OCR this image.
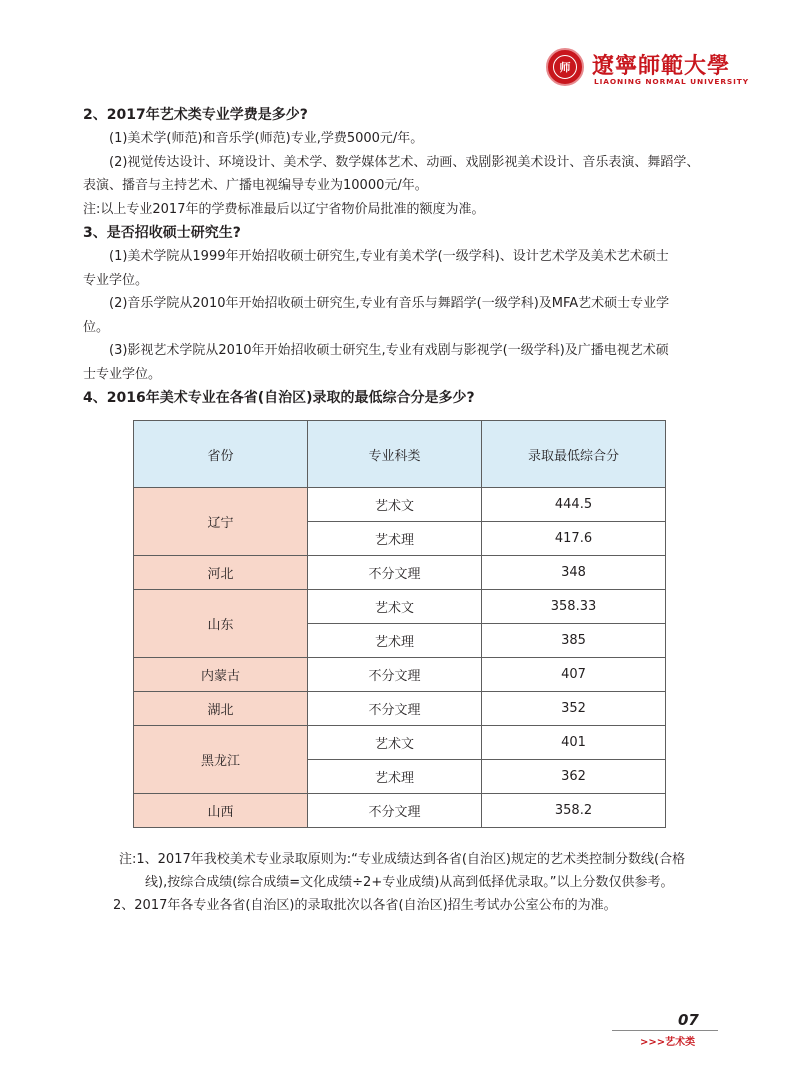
师 遼寧師範大學
LIAONING NORMAL UNIVERSITY

2、2017年艺术类专业学费是多少?

(1)美术学(师范)和音乐学(师范)专业,学费5000元/年。

(2)视觉传达设计、环境设计、美术学、数学媒体艺术、动画、戏剧影视美术设计、音乐表演、舞蹈学、

表演、播音与主持艺术、广播电视编导专业为10000元/年。

注:以上专业2017年的学费标准最后以辽宁省物价局批准的额度为准。

3、是否招收硕士研究生?

(1)美术学院从1999年开始招收硕士研究生,专业有美术学(一级学科)、设计艺术学及美术艺术硕士

专业学位。

(2)音乐学院从2010年开始招收硕士研究生,专业有音乐与舞蹈学(一级学科)及MFA艺术硕士专业学

位。

(3)影视艺术学院从2010年开始招收硕士研究生,专业有戏剧与影视学(一级学科)及广播电视艺术硕

士专业学位。

4、2016年美术专业在各省(自治区)录取的最低综合分是多少?

省份	专业科类	录取最低综合分
辽宁	艺术文	444.5
	艺术理	417.6
河北	不分文理	348
山东	艺术文	358.33
	艺术理	385
内蒙古	不分文理	407
湖北	不分文理	352
黑龙江	艺术文	401
	艺术理	362
山西	不分文理	358.2

注:1、2017年我校美术专业录取原则为:“专业成绩达到各省(自治区)规定的艺术类控制分数线(合格
线),按综合成绩(综合成绩=文化成绩÷2+专业成绩)从高到低择优录取。”以上分数仅供参考。

2、2017年各专业各省(自治区)的录取批次以各省(自治区)招生考试办公室公布的为准。

07
>>>艺术类
